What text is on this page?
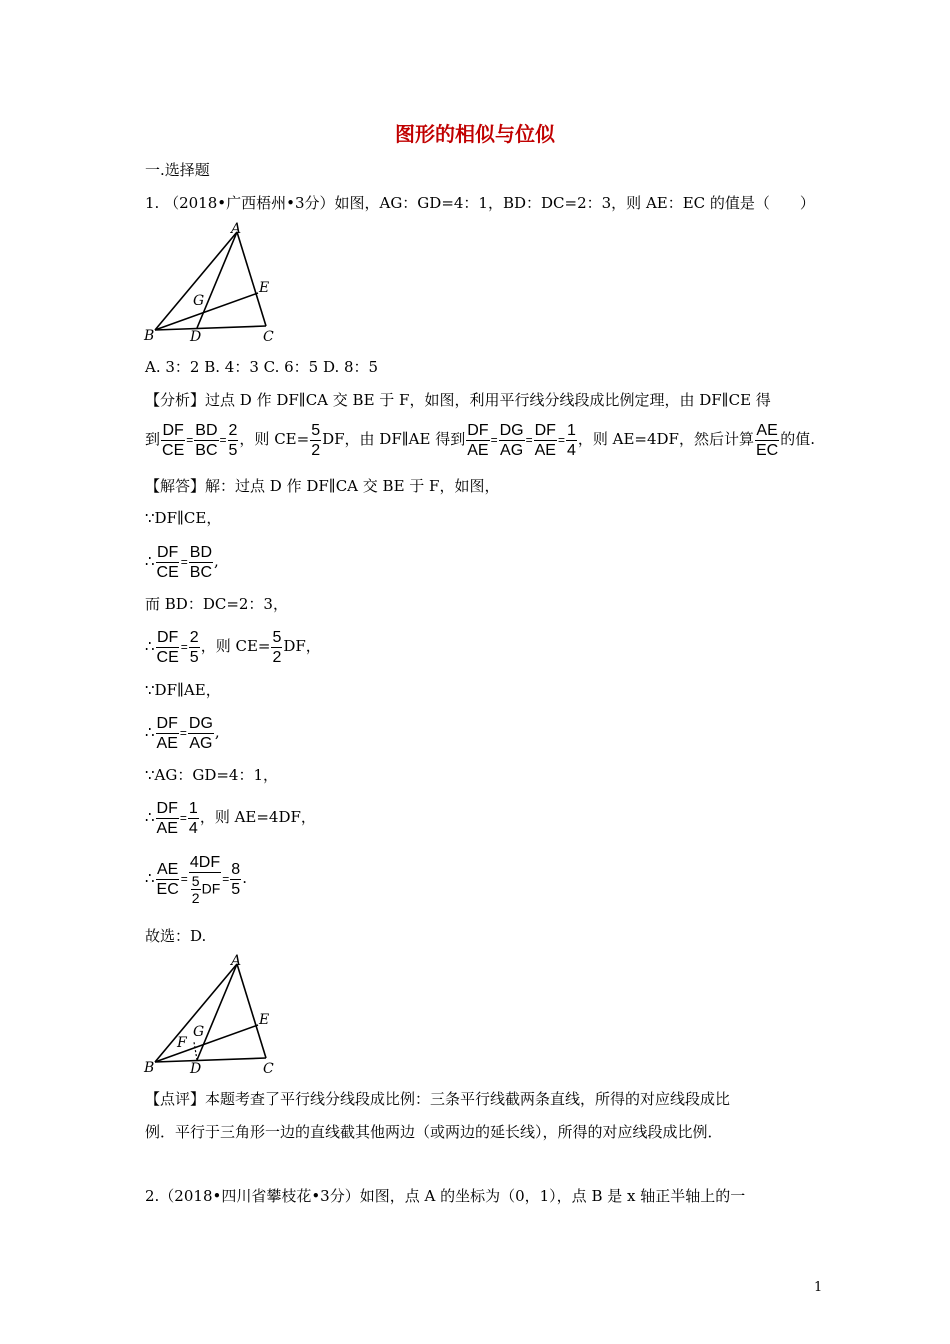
图形的相似与位似
一.选择题
1. （2018•广西梧州•3分）如图，AG：GD=4：1，BD：DC=2：3，则 AE：EC 的值是（　　）
A
B	C
D
E
G
A. 3：2 B. 4：3 C. 6：5 D. 8：5
【分析】过点 D 作 DF∥CA 交 BE 于 F，如图，利用平行线分线段成比例定理，由 DF∥CE 得
到 $\frac{DF}{CE} = \frac{BD}{BC} = \frac{2}{5}$ ，则 $CE= \frac{5}{2}$ DF，由 DF∥AE 得到 $\frac{DF}{AE} = \frac{DG}{AG} = \frac{DF}{AE} = \frac{1}{4}$ ，则 AE=4DF，然后计算 $\frac{AE}{EC}$ 的值.
【解答】解：过点 D 作 DF∥CA 交 BE 于 F，如图，
∵DF∥CE，
∴ $\frac{DF}{CE} = \frac{BD}{BC}$ ,
而 BD：DC=2：3，
∴ $\frac{DF}{CE} = \frac{2}{5}$ ，则 $CE= \frac{5}{2}$ DF，
∵DF∥AE，
∴ $\frac{DF}{AE} = \frac{DG}{AG}$ ,
∵AG：GD=4：1，
∴ $\frac{DF}{AE} = \frac{1}{4}$ ，则 AE=4DF，
∴ $\frac{AE}{EC} = \frac{4DF}{\frac{5}{2} DF} = \frac{8}{5}$ .
故选：D.
A
B	C
D
E
G
F
【点评】本题考查了平行线分线段成比例：三条平行线截两条直线，所得的对应线段成比
例．平行于三角形一边的直线截其他两边（或两边的延长线），所得的对应线段成比例．
2.（2018•四川省攀枝花•3分）如图，点 A 的坐标为（0，1），点 B 是 x 轴正半轴上的一
1
